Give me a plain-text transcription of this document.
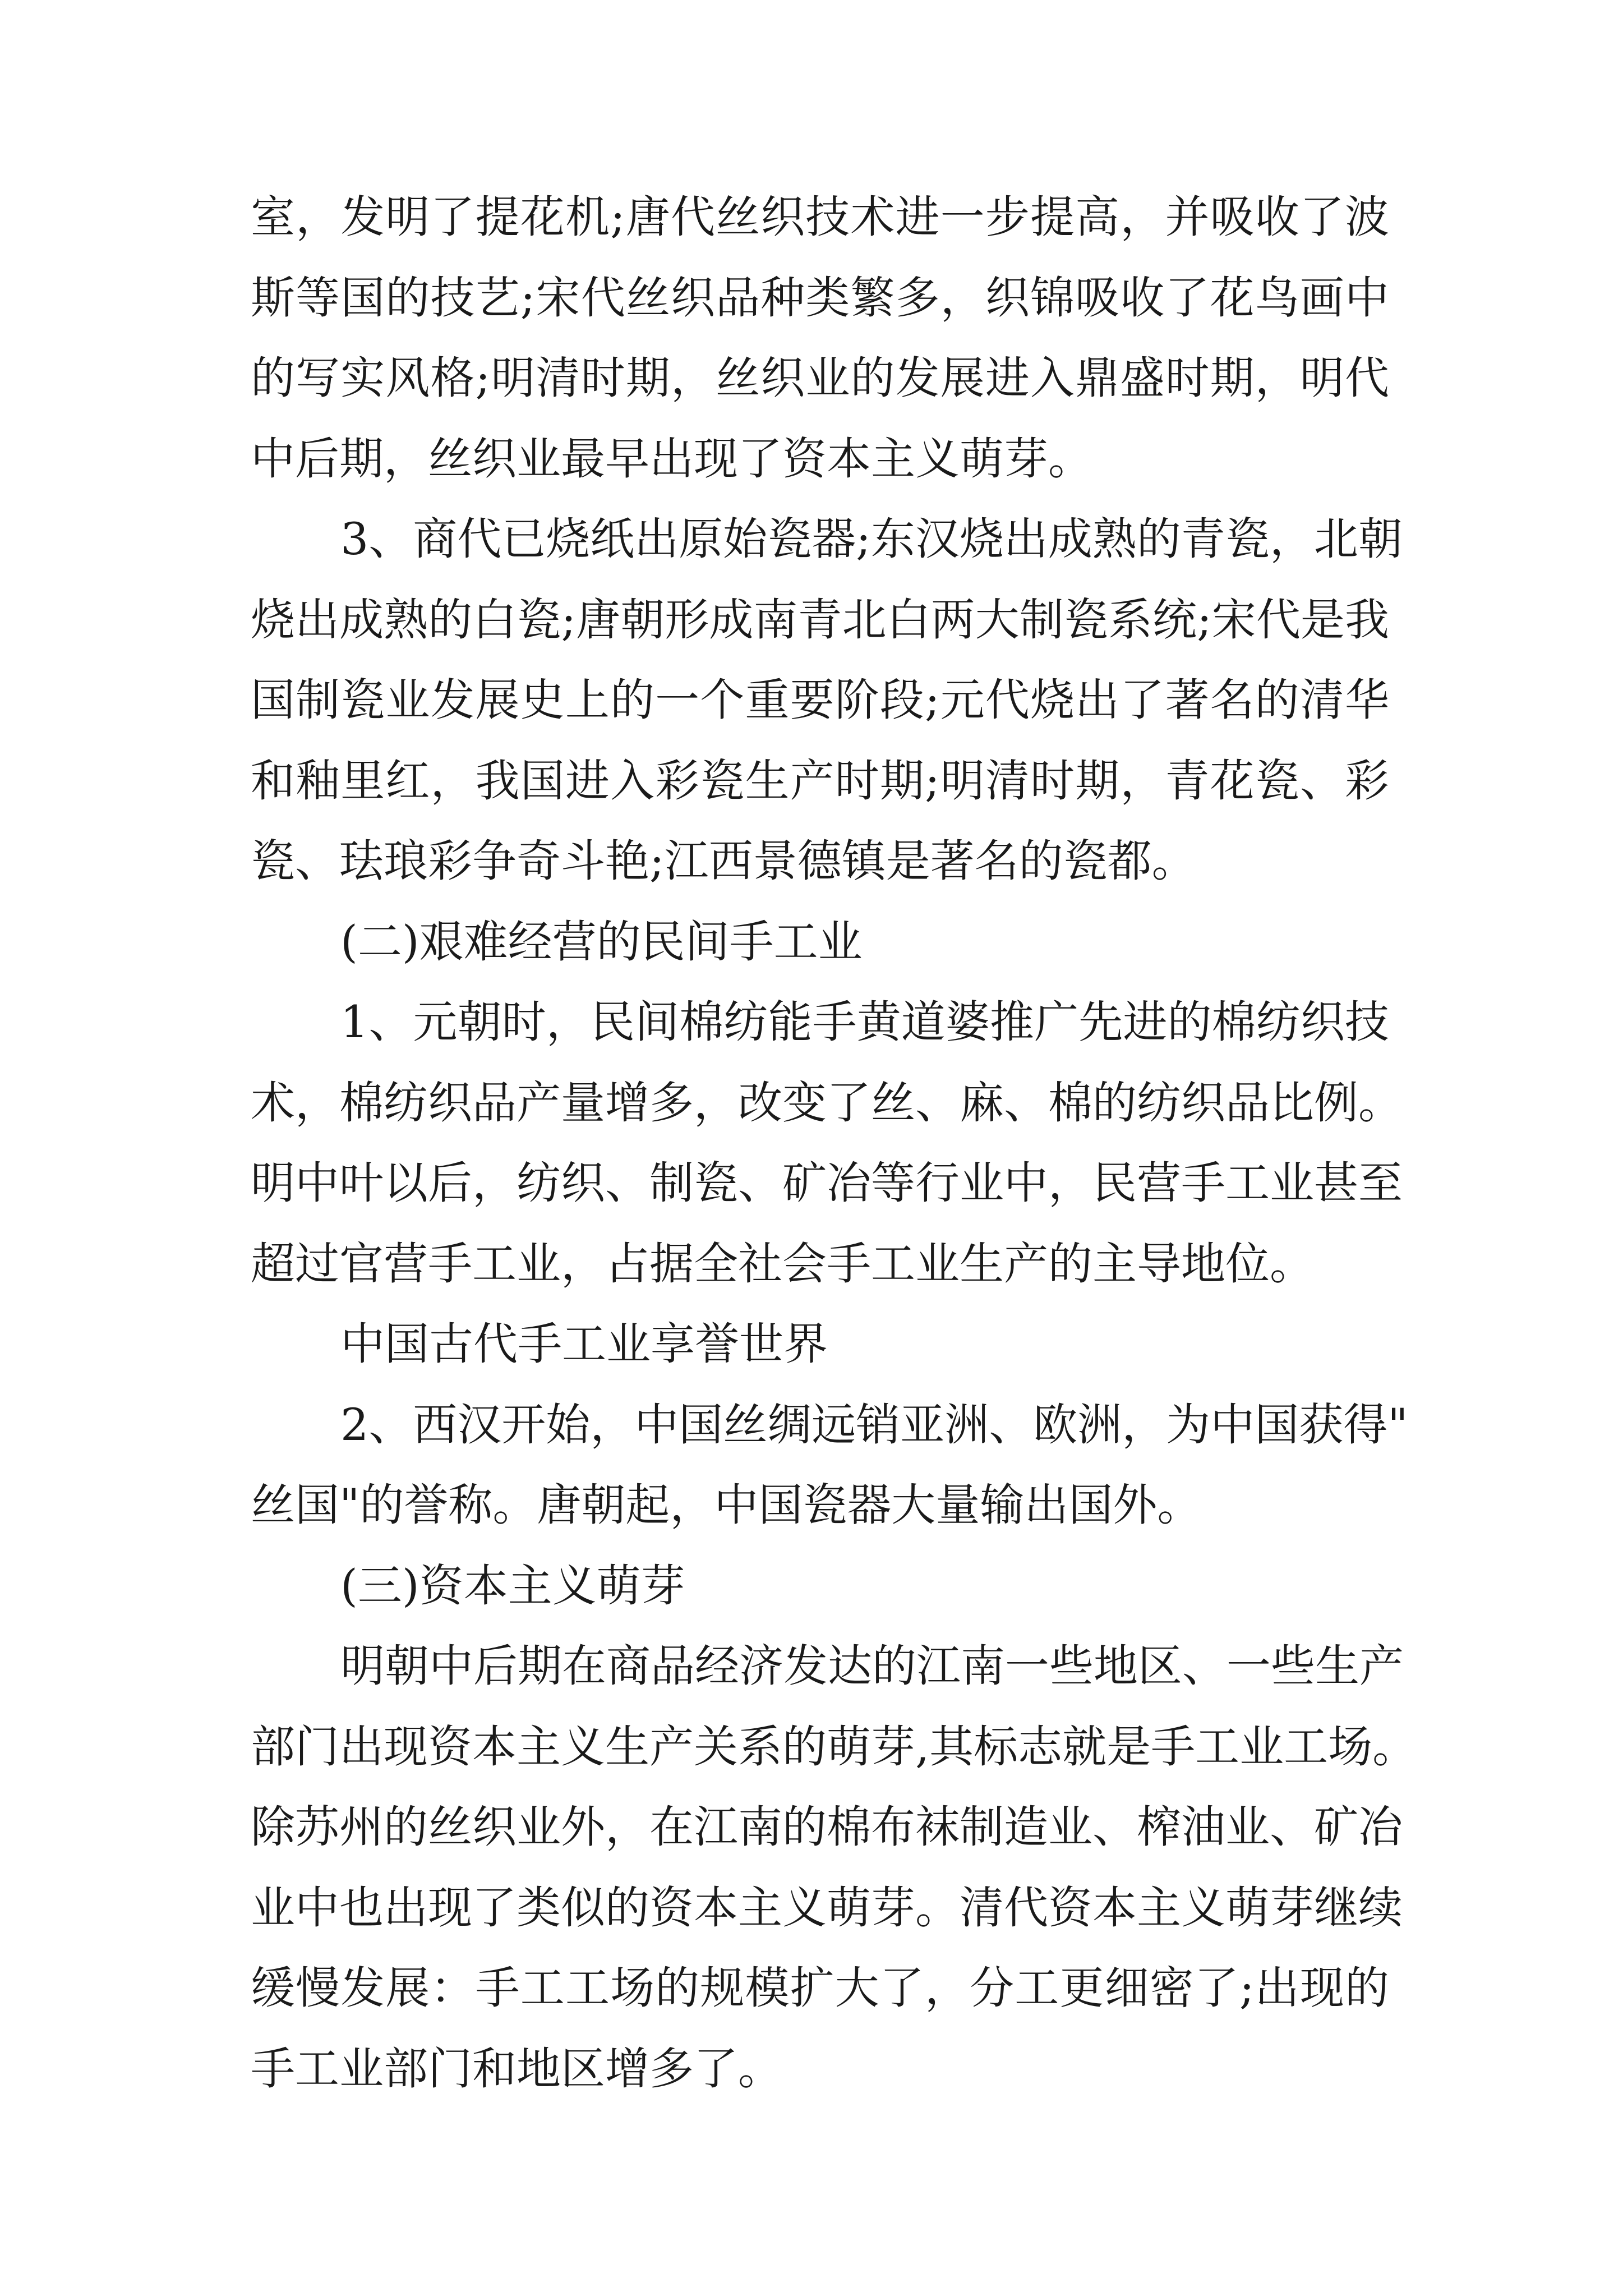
室，发明了提花机;唐代丝织技术进一步提高，并吸收了波
斯等国的技艺;宋代丝织品种类繁多，织锦吸收了花鸟画中
的写实风格;明清时期，丝织业的发展进入鼎盛时期，明代
中后期，丝织业最早出现了资本主义萌芽。
3、商代已烧纸出原始瓷器;东汉烧出成熟的青瓷，北朝
烧出成熟的白瓷;唐朝形成南青北白两大制瓷系统;宋代是我
国制瓷业发展史上的一个重要阶段;元代烧出了著名的清华
和釉里红，我国进入彩瓷生产时期;明清时期，青花瓷、彩
瓷、珐琅彩争奇斗艳;江西景德镇是著名的瓷都。
(二)艰难经营的民间手工业
1、元朝时，民间棉纺能手黄道婆推广先进的棉纺织技
术，棉纺织品产量增多，改变了丝、麻、棉的纺织品比例。
明中叶以后，纺织、制瓷、矿冶等行业中，民营手工业甚至
超过官营手工业，占据全社会手工业生产的主导地位。
中国古代手工业享誉世界
2、西汉开始，中国丝绸远销亚洲、欧洲，为中国获得"
丝国"的誉称。唐朝起，中国瓷器大量输出国外。
(三)资本主义萌芽
明朝中后期在商品经济发达的江南一些地区、一些生产
部门出现资本主义生产关系的萌芽,其标志就是手工业工场。
除苏州的丝织业外，在江南的棉布袜制造业、榨油业、矿冶
业中也出现了类似的资本主义萌芽。清代资本主义萌芽继续
缓慢发展：手工工场的规模扩大了，分工更细密了;出现的
手工业部门和地区增多了。
